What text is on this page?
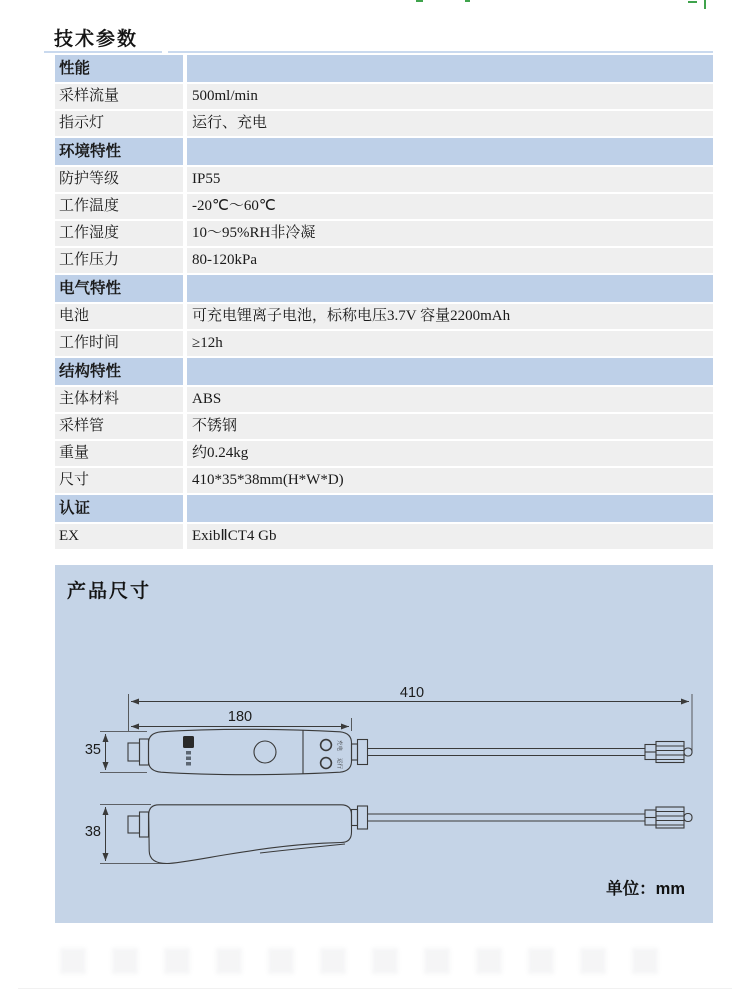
技术参数
性能
采样流量	500ml/min
指示灯	运行、充电
环境特性
防护等级	IP55
工作温度	-20℃～60℃
工作湿度	10～95%RH非冷凝
工作压力	80-120kPa
电气特性
电池	可充电锂离子电池，标称电压3.7V 容量2200mAh
工作时间	≥12h
结构特性
主体材料	ABS
采样管	不锈钢
重量	约0.24kg
尺寸	410*35*38mm(H*W*D)
认证
EX	ExibⅡCT4 Gb
产品尺寸
充电
运行
410
180
35
38
单位：mm
